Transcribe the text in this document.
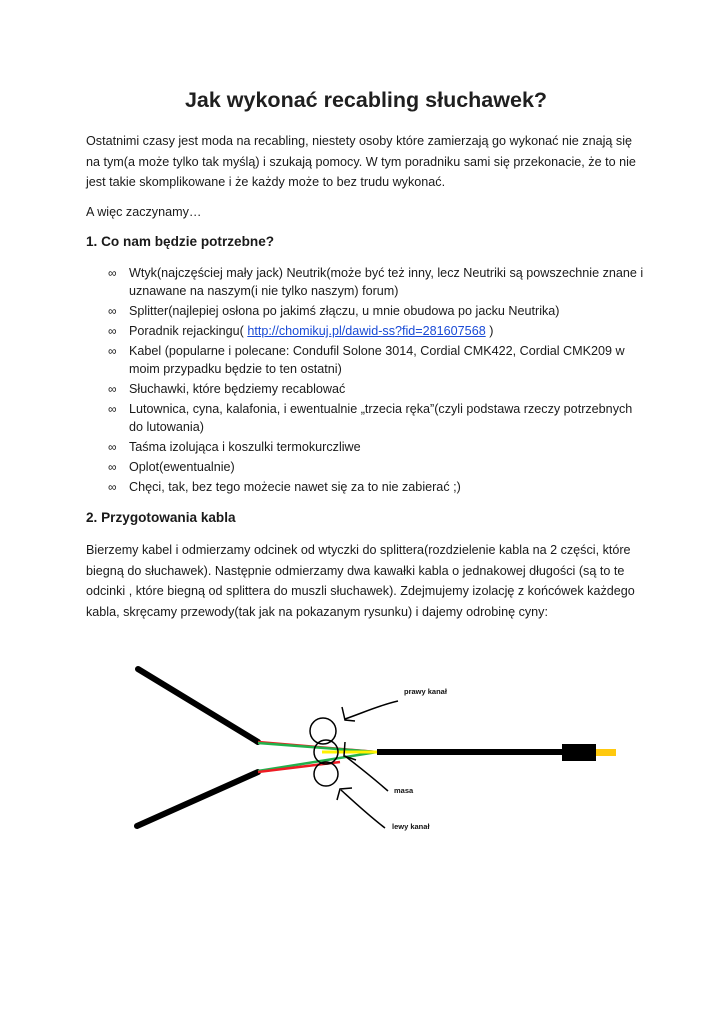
Jak wykonać recabling słuchawek?

Ostatnimi czasy jest moda na recabling, niestety osoby które zamierzają go wykonać nie znają się na tym(a może tylko tak myślą) i szukają pomocy. W tym poradniku sami się przekonacie, że to nie jest takie skomplikowane i że każdy może to bez trudu wykonać.

A więc zaczynamy…

1. Co nam będzie potrzebne?

∞ Wtyk(najczęściej mały jack) Neutrik(może być też inny, lecz Neutriki są powszechnie znane i uznawane na naszym(i nie tylko naszym) forum)
∞ Splitter(najlepiej osłona po jakimś złączu, u mnie obudowa po jacku Neutrika)
∞ Poradnik rejackingu( http://chomikuj.pl/dawid-ss?fid=281607568 )
∞ Kabel (popularne i polecane: Condufil Solone 3014, Cordial CMK422, Cordial CMK209 w moim przypadku będzie to ten ostatni)
∞ Słuchawki, które będziemy recablować
∞ Lutownica, cyna, kalafonia, i ewentualnie „trzecia ręka”(czyli podstawa rzeczy potrzebnych do lutowania)
∞ Taśma izolująca i koszulki termokurczliwe
∞ Oplot(ewentualnie)
∞ Chęci, tak, bez tego możecie nawet się za to nie zabierać ;)

2. Przygotowania kabla

Bierzemy kabel i odmierzamy odcinek od wtyczki do splittera(rozdzielenie kabla na 2 części, które biegną do słuchawek). Następnie odmierzamy dwa kawałki kabla o jednakowej długości (są to te odcinki , które biegną od splittera do muszli słuchawek). Zdejmujemy izolację z końcówek każdego kabla, skręcamy przewody(tak jak na pokazanym rysunku) i dajemy odrobinę cyny:

prawy kanał
masa
lewy kanał
